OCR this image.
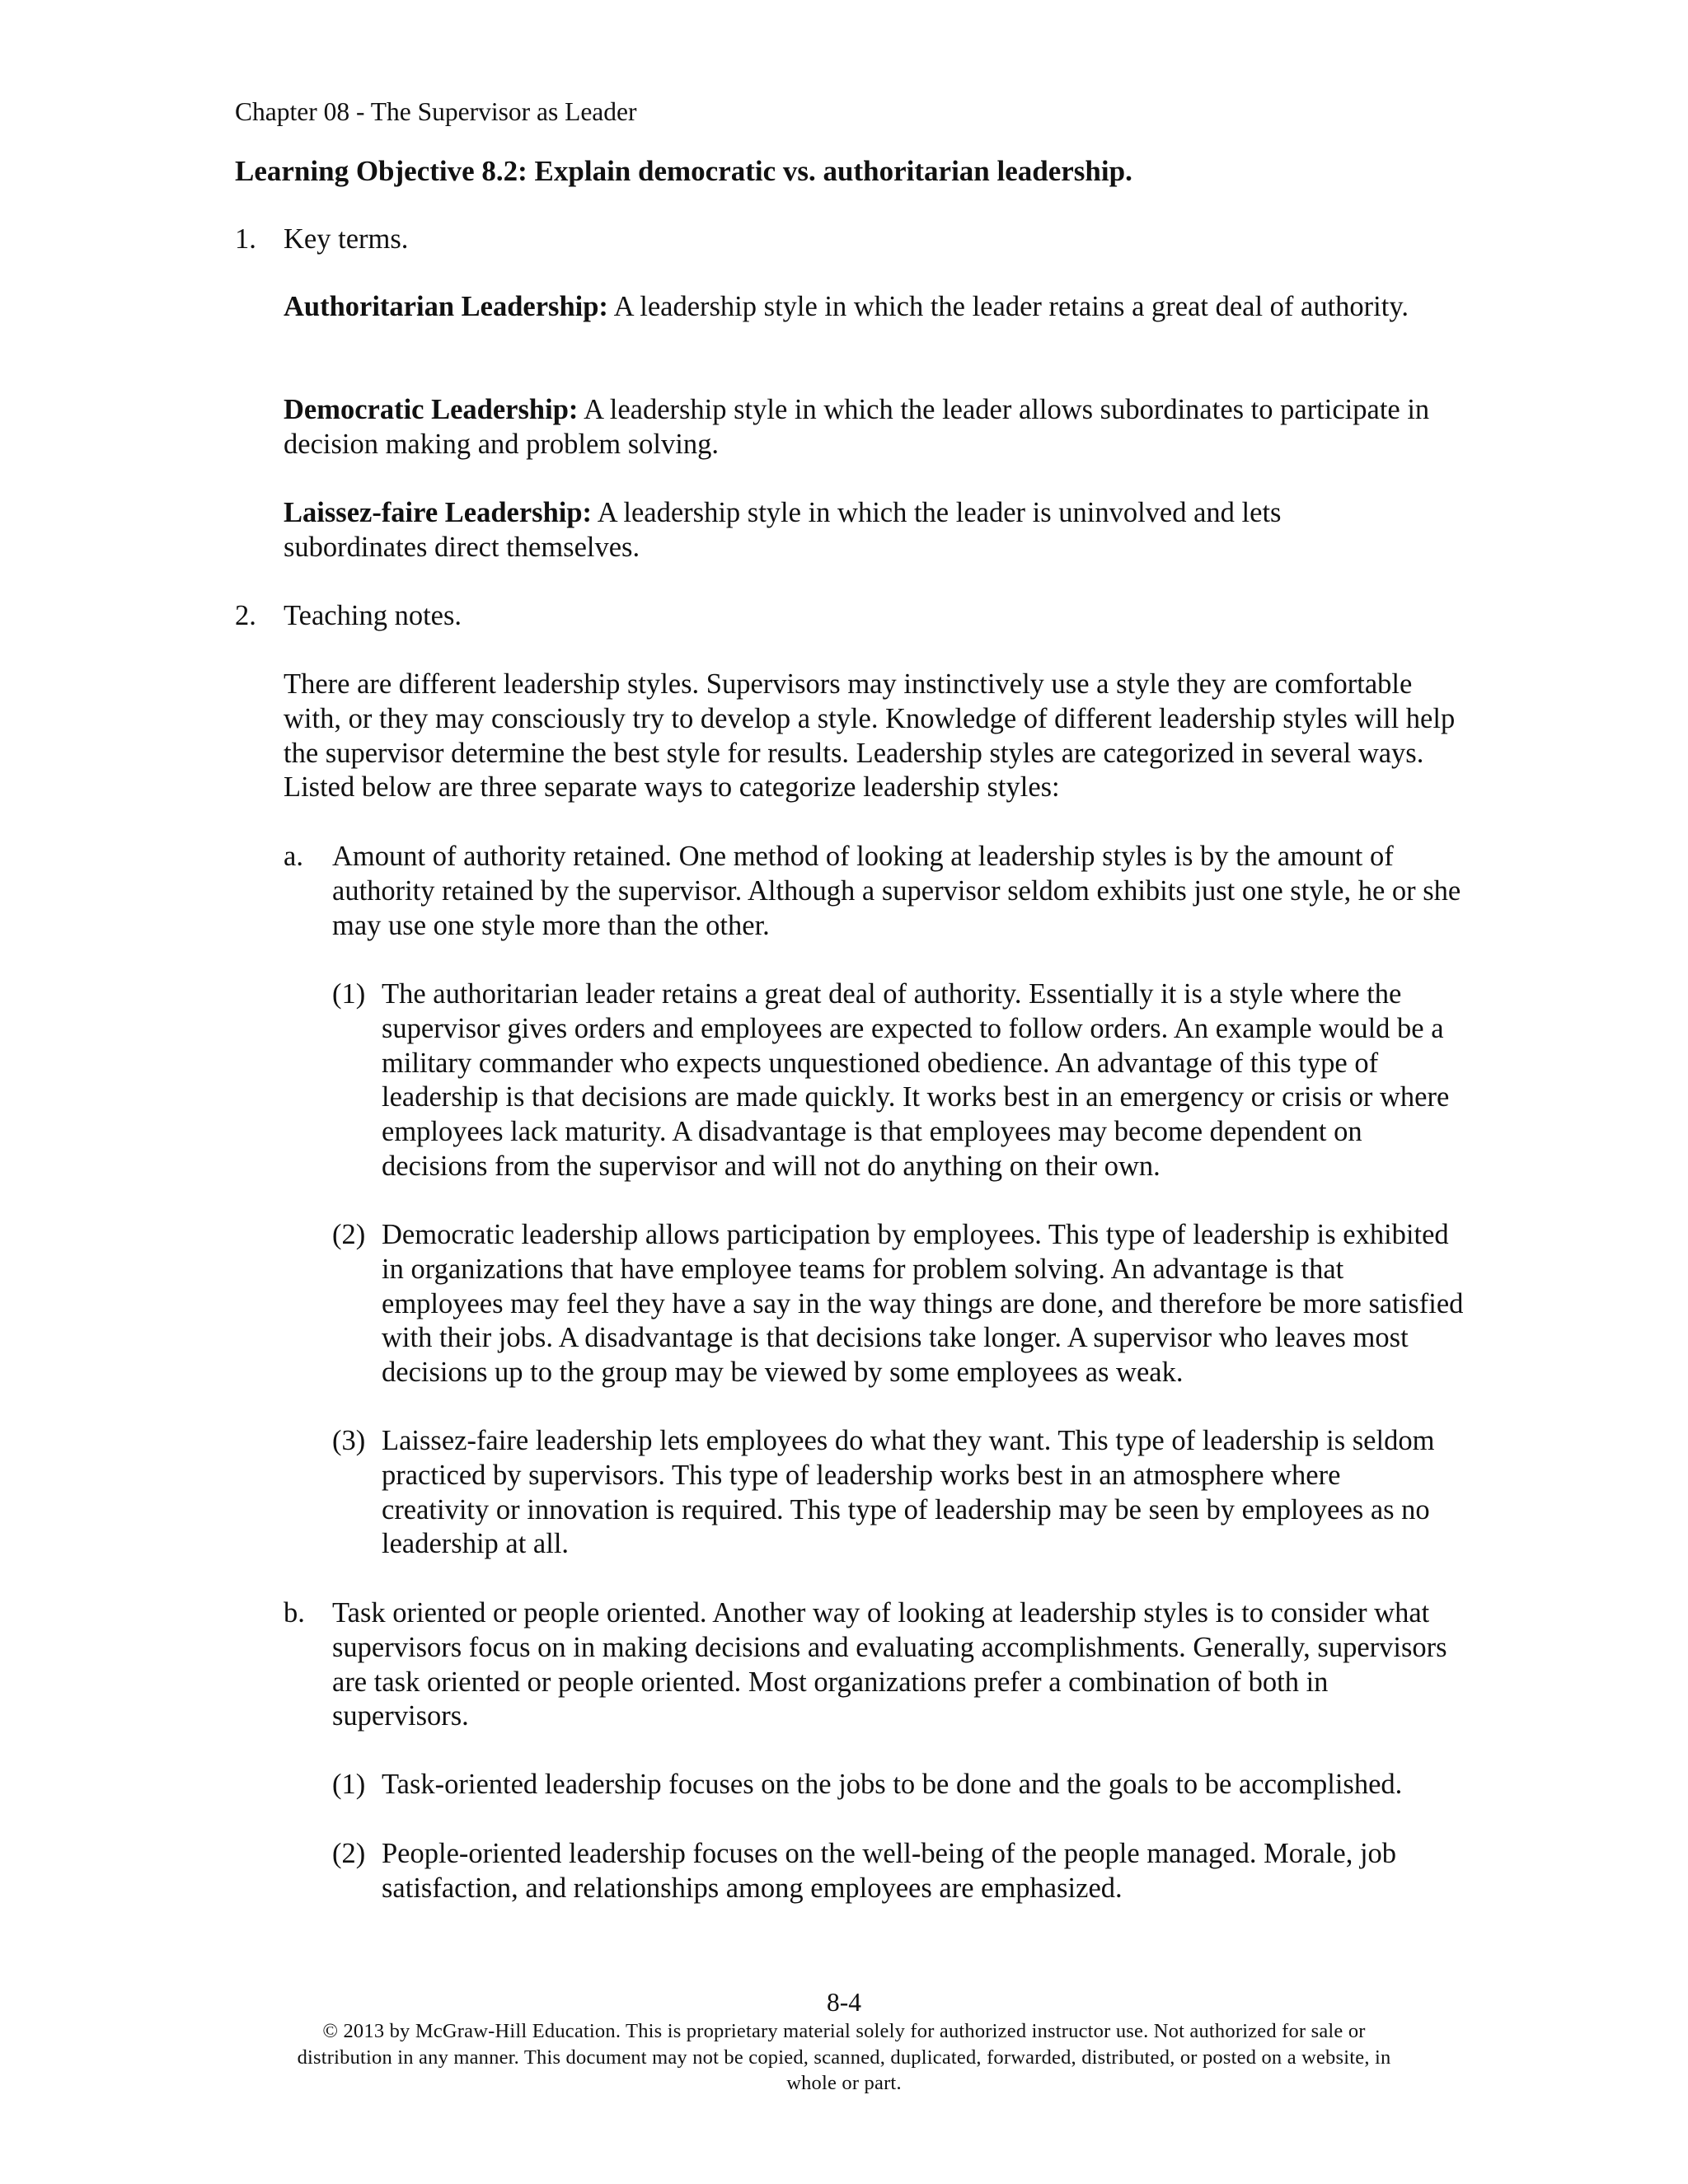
Chapter 08 - The Supervisor as Leader
Learning Objective 8.2: Explain democratic vs. authoritarian leadership.
1. Key terms.
Authoritarian Leadership: A leadership style in which the leader retains a great deal of authority.
Democratic Leadership: A leadership style in which the leader allows subordinates to participate in decision making and problem solving.
Laissez-faire Leadership: A leadership style in which the leader is uninvolved and lets subordinates direct themselves.
2. Teaching notes.
There are different leadership styles. Supervisors may instinctively use a style they are comfortable with, or they may consciously try to develop a style. Knowledge of different leadership styles will help the supervisor determine the best style for results. Leadership styles are categorized in several ways. Listed below are three separate ways to categorize leadership styles:
a. Amount of authority retained. One method of looking at leadership styles is by the amount of authority retained by the supervisor. Although a supervisor seldom exhibits just one style, he or she may use one style more than the other.
(1) The authoritarian leader retains a great deal of authority. Essentially it is a style where the supervisor gives orders and employees are expected to follow orders. An example would be a military commander who expects unquestioned obedience. An advantage of this type of leadership is that decisions are made quickly. It works best in an emergency or crisis or where employees lack maturity. A disadvantage is that employees may become dependent on decisions from the supervisor and will not do anything on their own.
(2) Democratic leadership allows participation by employees. This type of leadership is exhibited in organizations that have employee teams for problem solving. An advantage is that employees may feel they have a say in the way things are done, and therefore be more satisfied with their jobs. A disadvantage is that decisions take longer. A supervisor who leaves most decisions up to the group may be viewed by some employees as weak.
(3) Laissez-faire leadership lets employees do what they want. This type of leadership is seldom practiced by supervisors. This type of leadership works best in an atmosphere where creativity or innovation is required. This type of leadership may be seen by employees as no leadership at all.
b. Task oriented or people oriented. Another way of looking at leadership styles is to consider what supervisors focus on in making decisions and evaluating accomplishments. Generally, supervisors are task oriented or people oriented. Most organizations prefer a combination of both in supervisors.
(1) Task-oriented leadership focuses on the jobs to be done and the goals to be accomplished.
(2) People-oriented leadership focuses on the well-being of the people managed. Morale, job satisfaction, and relationships among employees are emphasized.
8-4
© 2013 by McGraw-Hill Education. This is proprietary material solely for authorized instructor use. Not authorized for sale or
distribution in any manner. This document may not be copied, scanned, duplicated, forwarded, distributed, or posted on a website, in
whole or part.
